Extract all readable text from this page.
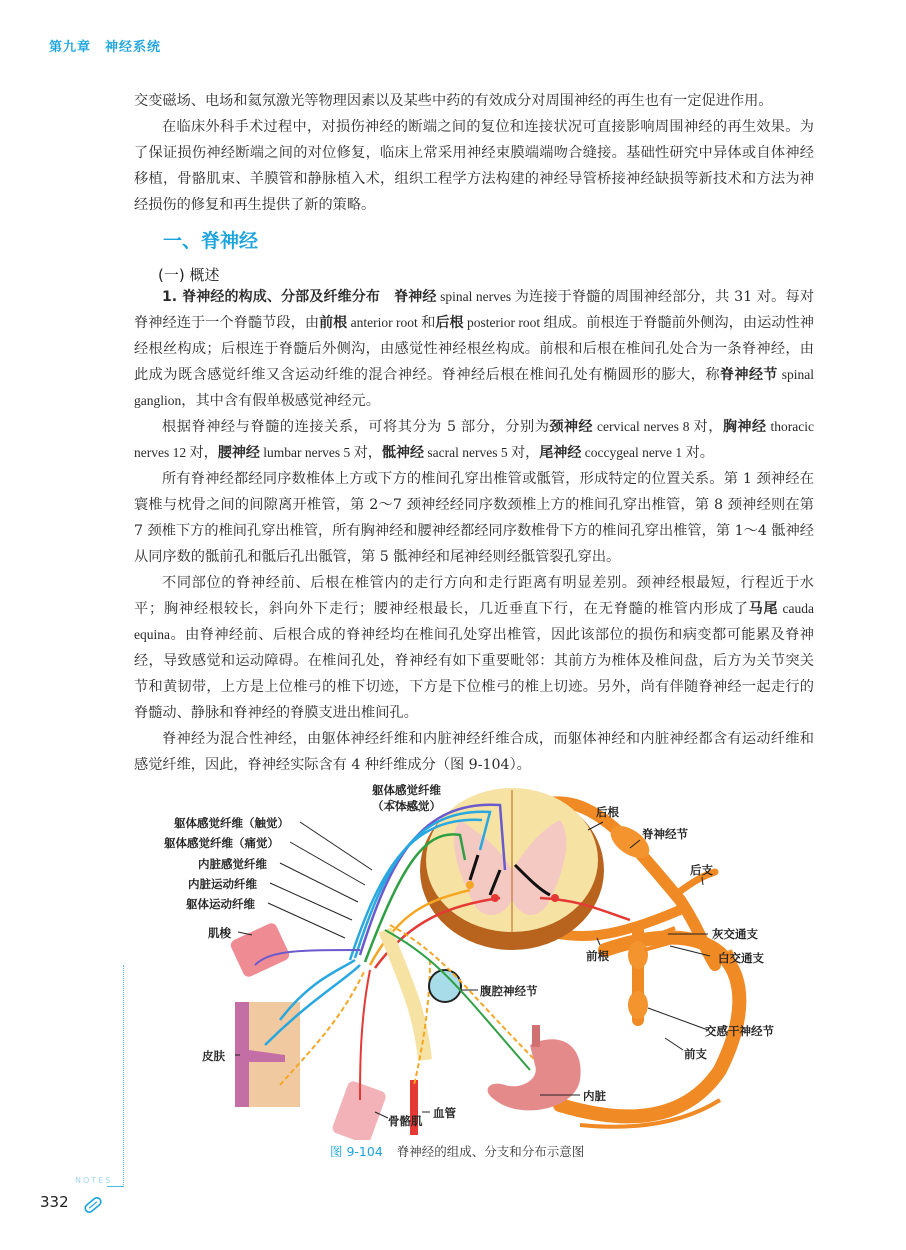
第九章 神经系统

交变磁场、电场和氦氖激光等物理因素以及某些中药的有效成分对周围神经的再生也有一定促进作用。

在临床外科手术过程中，对损伤神经的断端之间的复位和连接状况可直接影响周围神经的再生效果。为了保证损伤神经断端之间的对位修复，临床上常采用神经束膜端端吻合缝接。基础性研究中异体或自体神经移植，骨骼肌束、羊膜管和静脉植入术，组织工程学方法构建的神经导管桥接神经缺损等新技术和方法为神经损伤的修复和再生提供了新的策略。

一、脊神经
(一) 概述

1. 脊神经的构成、分部及纤维分布　脊神经 spinal nerves 为连接于脊髓的周围神经部分，共 31 对。每对脊神经连于一个脊髓节段，由前根 anterior root 和后根 posterior root 组成。前根连于脊髓前外侧沟，由运动性神经根丝构成；后根连于脊髓后外侧沟，由感觉性神经根丝构成。前根和后根在椎间孔处合为一条脊神经，由此成为既含感觉纤维又含运动纤维的混合神经。脊神经后根在椎间孔处有椭圆形的膨大，称脊神经节 spinal ganglion，其中含有假单极感觉神经元。

根据脊神经与脊髓的连接关系，可将其分为 5 部分，分别为颈神经 cervical nerves 8 对，胸神经 thoracic nerves 12 对，腰神经 lumbar nerves 5 对，骶神经 sacral nerves 5 对，尾神经 coccygeal nerve 1 对。

所有脊神经都经同序数椎体上方或下方的椎间孔穿出椎管或骶管，形成特定的位置关系。第 1 颈神经在寰椎与枕骨之间的间隙离开椎管，第 2～7 颈神经经同序数颈椎上方的椎间孔穿出椎管，第 8 颈神经则在第 7 颈椎下方的椎间孔穿出椎管，所有胸神经和腰神经都经同序数椎骨下方的椎间孔穿出椎管，第 1～4 骶神经从同序数的骶前孔和骶后孔出骶管，第 5 骶神经和尾神经则经骶管裂孔穿出。

不同部位的脊神经前、后根在椎管内的走行方向和走行距离有明显差别。颈神经根最短，行程近于水平；胸神经根较长，斜向外下走行；腰神经根最长，几近垂直下行，在无脊髓的椎管内形成了马尾 cauda equina。由脊神经前、后根合成的脊神经均在椎间孔处穿出椎管，因此该部位的损伤和病变都可能累及脊神经，导致感觉和运动障碍。在椎间孔处，脊神经有如下重要毗邻：其前方为椎体及椎间盘，后方为关节突关节和黄韧带，上方是上位椎弓的椎下切迹，下方是下位椎弓的椎上切迹。另外，尚有伴随脊神经一起走行的脊髓动、静脉和脊神经的脊膜支进出椎间孔。

脊神经为混合性神经，由躯体神经纤维和内脏神经纤维合成，而躯体神经和内脏神经都含有运动纤维和感觉纤维，因此，脊神经实际含有 4 种纤维成分（图 9-104）。

躯体感觉纤维
（本体感觉）
躯体感觉纤维（触觉）
躯体感觉纤维（痛觉）
内脏感觉纤维
内脏运动纤维
躯体运动纤维
肌梭
皮肤
腹腔神经节
骨骼肌
血管
内脏
后根
脊神经节
后支
灰交通支
白交通支
前根
交感干神经节
前支
图 9-104 脊神经的组成、分支和分布示意图
NOTES
332
